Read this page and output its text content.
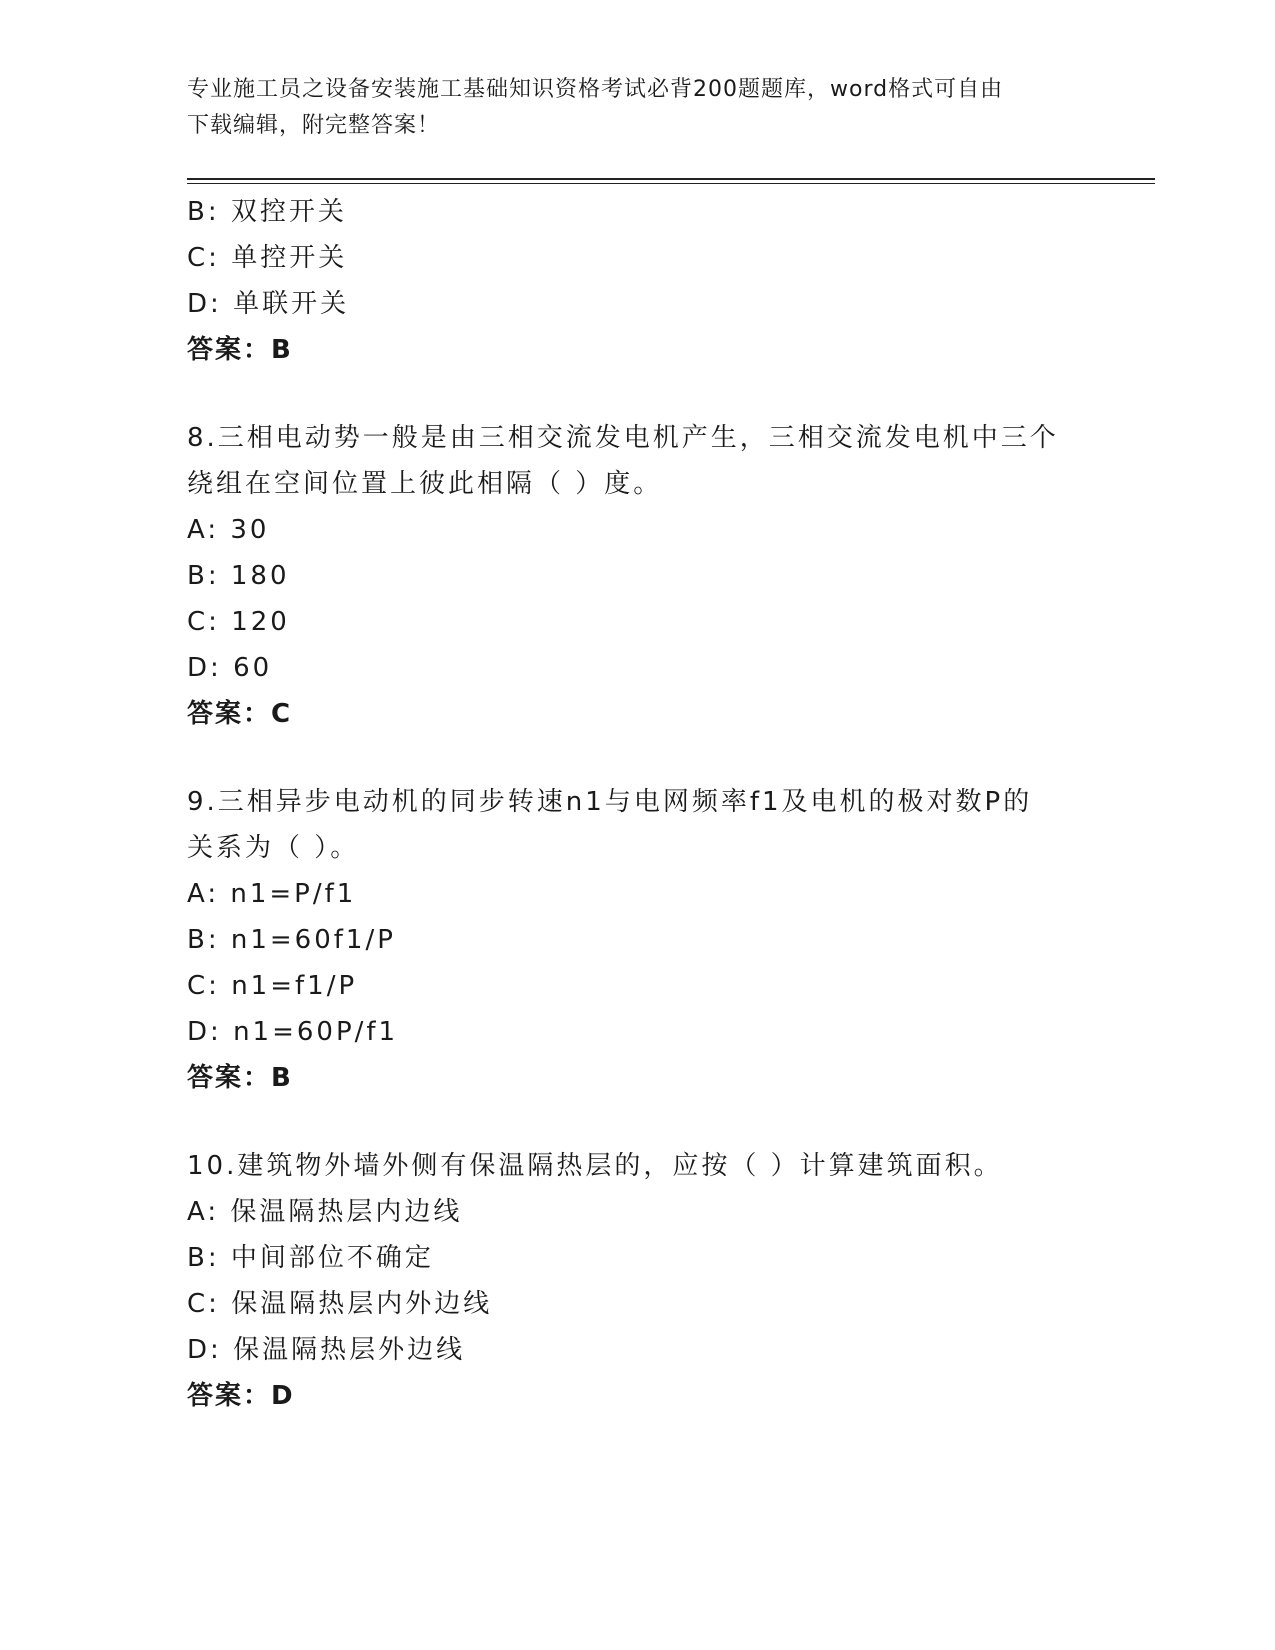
专业施工员之设备安装施工基础知识资格考试必背200题题库，word格式可自由
下载编辑，附完整答案！
B: 双控开关
C: 单控开关
D: 单联开关
答案：B
8.三相电动势一般是由三相交流发电机产生，三相交流发电机中三个
绕组在空间位置上彼此相隔（ ）度。
A: 30
B: 180
C: 120
D: 60
答案：C
9.三相异步电动机的同步转速n1与电网频率f1及电机的极对数P的
关系为（ ）。
A: n1=P/f1
B: n1=60f1/P
C: n1=f1/P
D: n1=60P/f1
答案：B
10.建筑物外墙外侧有保温隔热层的，应按（ ）计算建筑面积。
A: 保温隔热层内边线
B: 中间部位不确定
C: 保温隔热层内外边线
D: 保温隔热层外边线
答案：D
